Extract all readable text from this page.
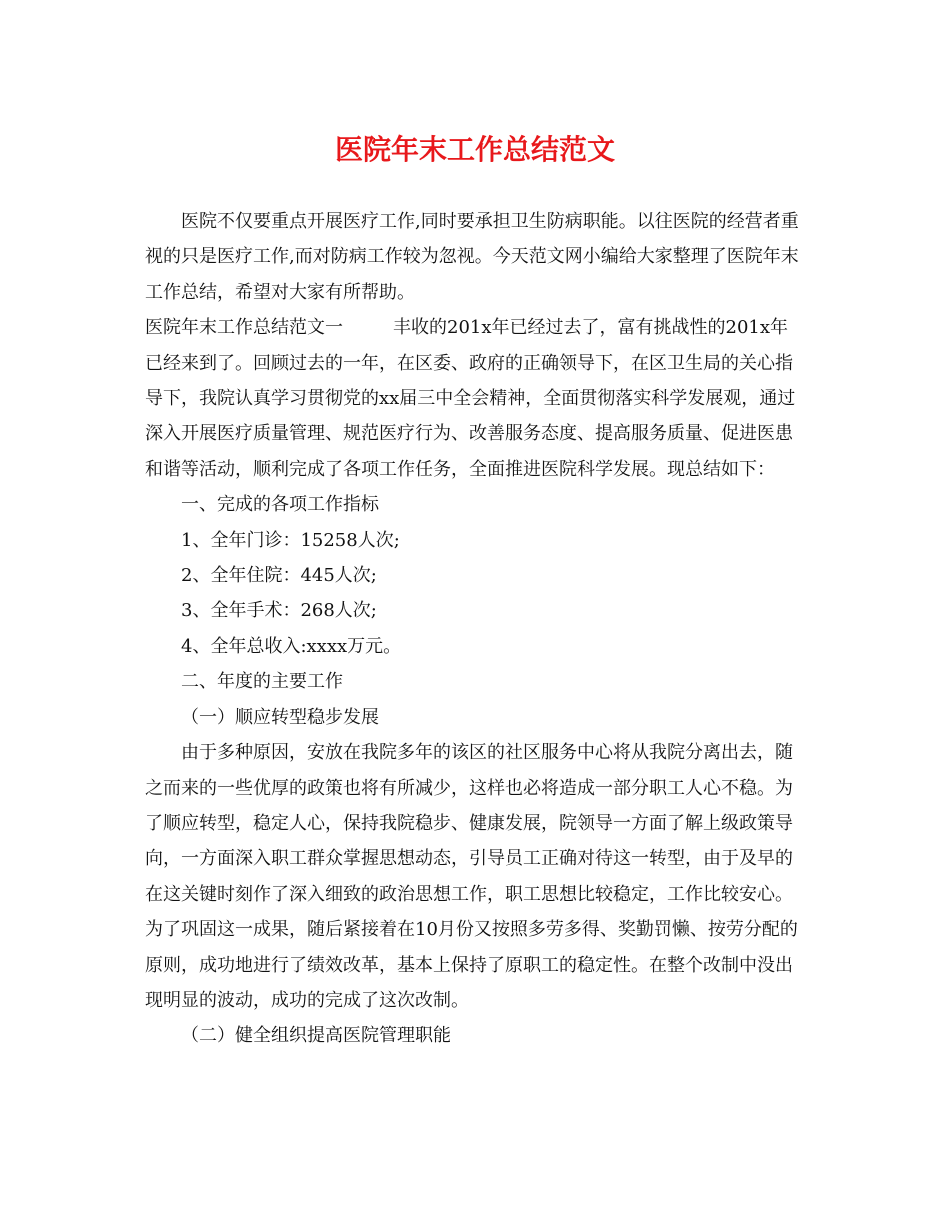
医院年末工作总结范文

医院不仅要重点开展医疗工作,同时要承担卫生防病职能。以往医院的经营者重视的只是医疗工作,而对防病工作较为忽视。今天范文网小编给大家整理了医院年末工作总结，希望对大家有所帮助。

医院年末工作总结范文一	丰收的201x年已经过去了，富有挑战性的201x年已经来到了。回顾过去的一年，在区委、政府的正确领导下，在区卫生局的关心指导下，我院认真学习贯彻党的xx届三中全会精神，全面贯彻落实科学发展观，通过深入开展医疗质量管理、规范医疗行为、改善服务态度、提高服务质量、促进医患和谐等活动，顺利完成了各项工作任务，全面推进医院科学发展。现总结如下：

一、完成的各项工作指标

1、全年门诊：15258人次;

2、全年住院：445人次;

3、全年手术：268人次;

4、全年总收入:xxxx万元。

二、年度的主要工作

（一）顺应转型稳步发展

由于多种原因，安放在我院多年的该区的社区服务中心将从我院分离出去，随之而来的一些优厚的政策也将有所减少，这样也必将造成一部分职工人心不稳。为了顺应转型，稳定人心，保持我院稳步、健康发展，院领导一方面了解上级政策导向，一方面深入职工群众掌握思想动态，引导员工正确对待这一转型，由于及早的在这关键时刻作了深入细致的政治思想工作，职工思想比较稳定，工作比较安心。为了巩固这一成果，随后紧接着在10月份又按照多劳多得、奖勤罚懒、按劳分配的原则，成功地进行了绩效改革，基本上保持了原职工的稳定性。在整个改制中没出现明显的波动，成功的完成了这次改制。

（二）健全组织提高医院管理职能
